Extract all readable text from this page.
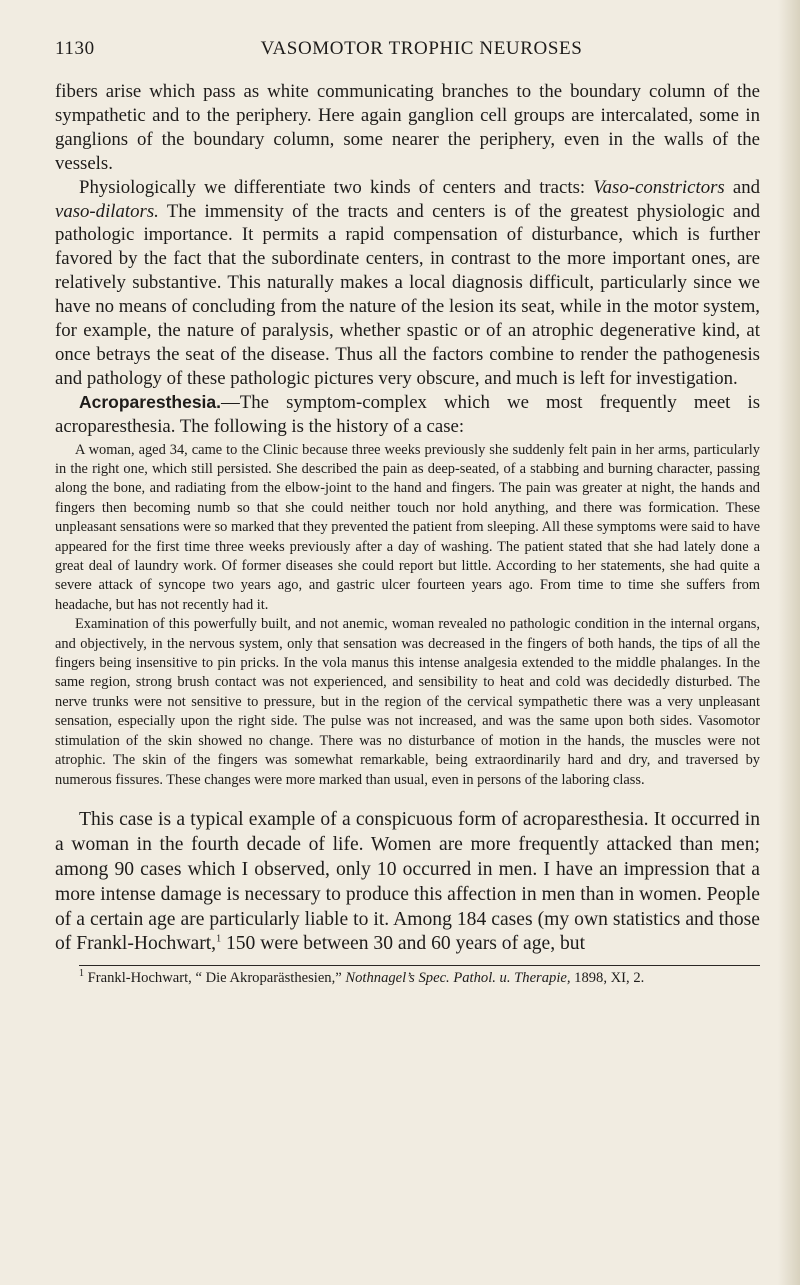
1130	VASOMOTOR TROPHIC NEUROSES

fibers arise which pass as white communicating branches to the boundary column of the sympathetic and to the periphery. Here again ganglion cell groups are intercalated, some in ganglions of the boundary column, some nearer the periphery, even in the walls of the vessels.

Physiologically we differentiate two kinds of centers and tracts: Vaso-constrictors and vaso-dilators. The immensity of the tracts and centers is of the greatest physiologic and pathologic importance. It permits a rapid compensation of disturbance, which is further favored by the fact that the subordinate centers, in contrast to the more important ones, are relatively substantive. This naturally makes a local diagnosis difficult, particularly since we have no means of concluding from the nature of the lesion its seat, while in the motor system, for example, the nature of paralysis, whether spastic or of an atrophic degenerative kind, at once betrays the seat of the disease. Thus all the factors combine to render the pathogenesis and pathology of these pathologic pictures very obscure, and much is left for investigation.

Acroparesthesia.—The symptom-complex which we most frequently meet is acroparesthesia. The following is the history of a case:

A woman, aged 34, came to the Clinic because three weeks previously she suddenly felt pain in her arms, particularly in the right one, which still persisted. She described the pain as deep-seated, of a stabbing and burning character, passing along the bone, and radiating from the elbow-joint to the hand and fingers. The pain was greater at night, the hands and fingers then becoming numb so that she could neither touch nor hold anything, and there was formication. These unpleasant sensations were so marked that they prevented the patient from sleeping. All these symptoms were said to have appeared for the first time three weeks previously after a day of washing. The patient stated that she had lately done a great deal of laundry work. Of former diseases she could report but little. According to her statements, she had quite a severe attack of syncope two years ago, and gastric ulcer fourteen years ago. From time to time she suffers from headache, but has not recently had it.

Examination of this powerfully built, and not anemic, woman revealed no pathologic condition in the internal organs, and objectively, in the nervous system, only that sensation was decreased in the fingers of both hands, the tips of all the fingers being insensitive to pin pricks. In the vola manus this intense analgesia extended to the middle phalanges. In the same region, strong brush contact was not experienced, and sensibility to heat and cold was decidedly disturbed. The nerve trunks were not sensitive to pressure, but in the region of the cervical sympathetic there was a very unpleasant sensation, especially upon the right side. The pulse was not increased, and was the same upon both sides. Vasomotor stimulation of the skin showed no change. There was no disturbance of motion in the hands, the muscles were not atrophic. The skin of the fingers was somewhat remarkable, being extraordinarily hard and dry, and traversed by numerous fissures. These changes were more marked than usual, even in persons of the laboring class.

This case is a typical example of a conspicuous form of acroparesthesia. It occurred in a woman in the fourth decade of life. Women are more frequently attacked than men; among 90 cases which I observed, only 10 occurred in men. I have an impression that a more intense damage is necessary to produce this affection in men than in women. People of a certain age are particularly liable to it. Among 184 cases (my own statistics and those of Frankl-Hochwart,$^1$ 150 were between 30 and 60 years of age, but

$^1$ Frankl-Hochwart, “ Die Akroparästhesien,” Nothnagel’s Spec. Pathol. u. Therapie, 1898, XI, 2.
